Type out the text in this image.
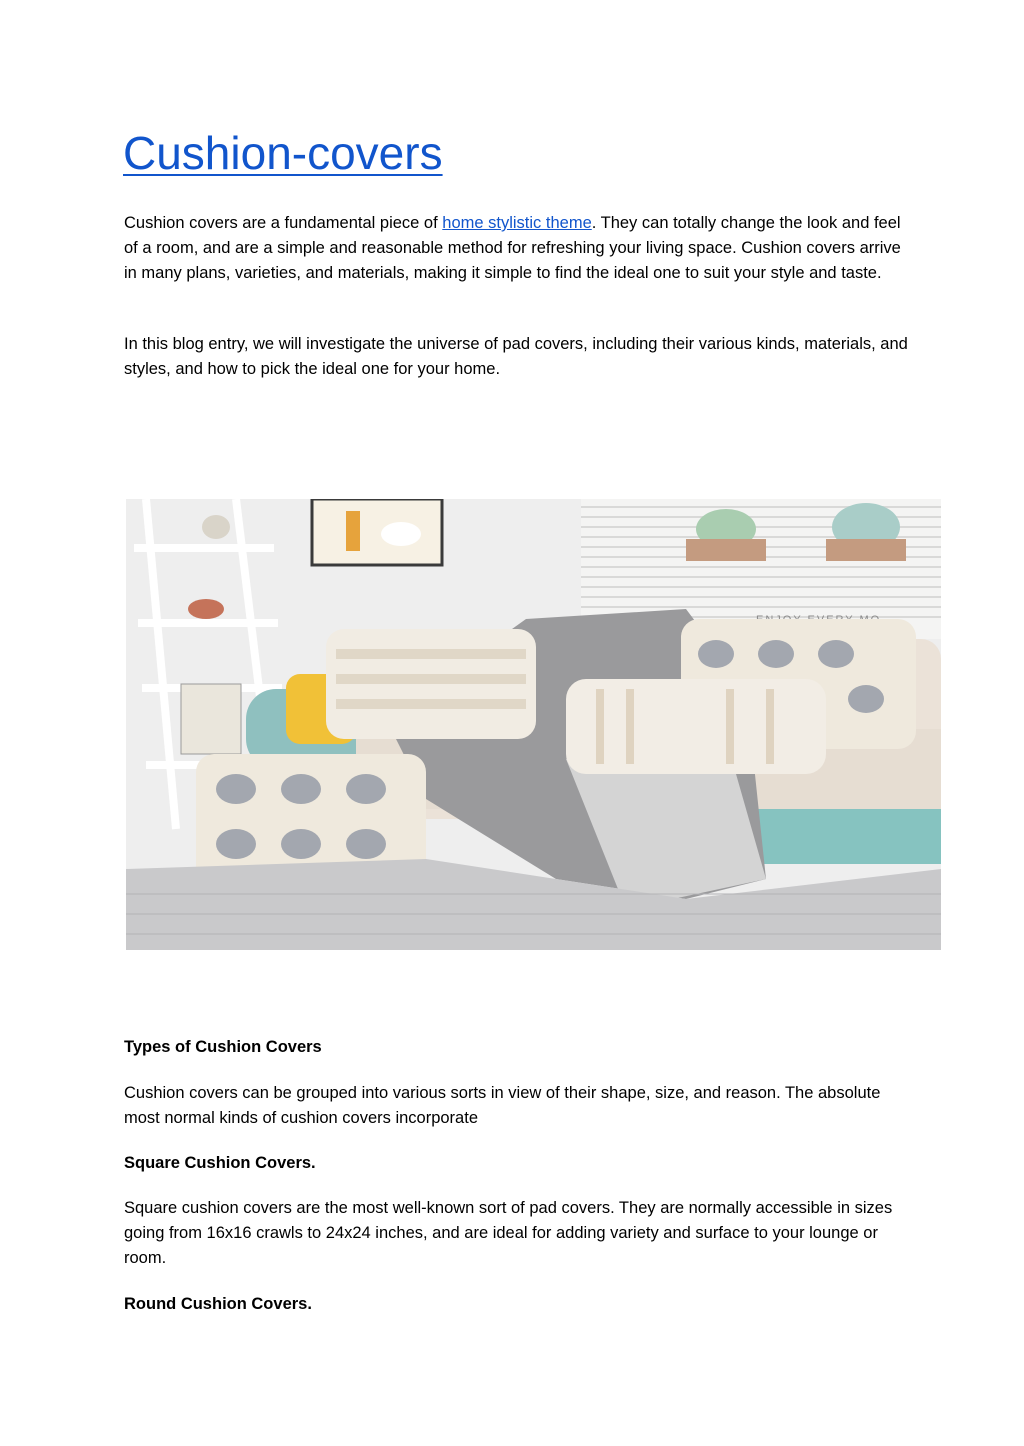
Cushion-covers

Cushion covers are a fundamental piece of home stylistic theme. They can totally change the look and feel of a room, and are a simple and reasonable method for refreshing your living space. Cushion covers arrive in many plans, varieties, and materials, making it simple to find the ideal one to suit your style and taste.

In this blog entry, we will investigate the universe of pad covers, including their various kinds, materials, and styles, and how to pick the ideal one for your home.

Types of Cushion Covers

Cushion covers can be grouped into various sorts in view of their shape, size, and reason. The absolute most normal kinds of cushion covers incorporate

Square Cushion Covers.

Square cushion covers are the most well-known sort of pad covers. They are normally accessible in sizes going from 16x16 crawls to 24x24 inches, and are ideal for adding variety and surface to your lounge or room.

Round Cushion Covers.
